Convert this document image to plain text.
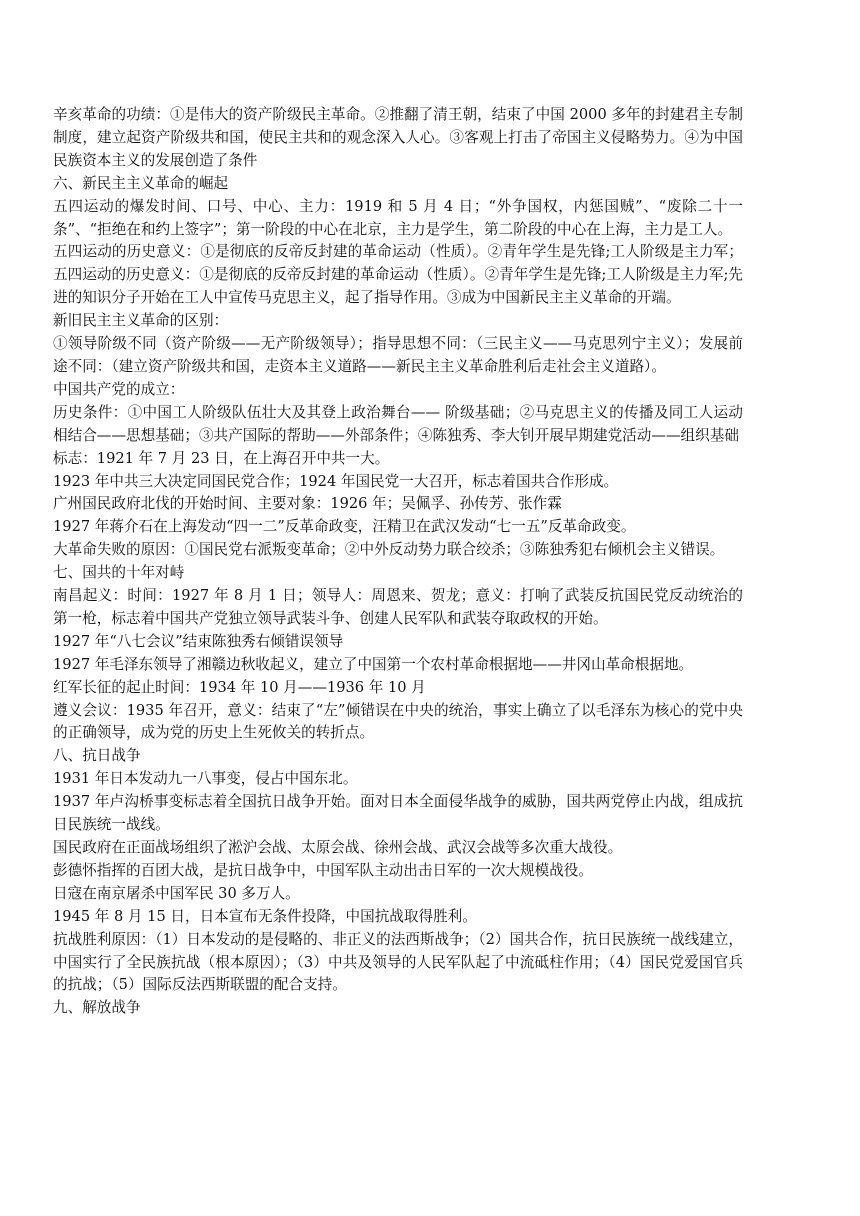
辛亥革命的功绩：①是伟大的资产阶级民主革命。②推翻了清王朝，结束了中国 2000 多年的封建君主专制制度，建立起资产阶级共和国，使民主共和的观念深入人心。③客观上打击了帝国主义侵略势力。④为中国民族资本主义的发展创造了条件

六、新民主主义革命的崛起

五四运动的爆发时间、口号、中心、主力：1919 和 5 月 4 日；“外争国权，内惩国贼”、“废除二十一条”、“拒绝在和约上签字”；第一阶段的中心在北京，主力是学生，第二阶段的中心在上海，主力是工人。

五四运动的历史意义：①是彻底的反帝反封建的革命运动（性质）。②青年学生是先锋;工人阶级是主力军；五四运动的历史意义：①是彻底的反帝反封建的革命运动（性质）。②青年学生是先锋;工人阶级是主力军;先进的知识分子开始在工人中宣传马克思主义，起了指导作用。③成为中国新民主主义革命的开端。

新旧民主主义革命的区别：

①领导阶级不同（资产阶级——无产阶级领导）；指导思想不同：（三民主义——马克思列宁主义）；发展前途不同：（建立资产阶级共和国，走资本主义道路——新民主主义革命胜利后走社会主义道路）。

中国共产党的成立：

历史条件：①中国工人阶级队伍壮大及其登上政治舞台—— 阶级基础；②马克思主义的传播及同工人运动相结合——思想基础；③共产国际的帮助——外部条件；④陈独秀、李大钊开展早期建党活动——组织基础

标志：1921 年 7 月 23 日，在上海召开中共一大。

1923 年中共三大决定同国民党合作；1924 年国民党一大召开，标志着国共合作形成。

广州国民政府北伐的开始时间、主要对象：1926 年；吴佩孚、孙传芳、张作霖

1927 年蒋介石在上海发动“四一二”反革命政变，汪精卫在武汉发动“七一五”反革命政变。

大革命失败的原因：①国民党右派叛变革命；②中外反动势力联合绞杀；③陈独秀犯右倾机会主义错误。

七、国共的十年对峙

南昌起义：时间：1927 年 8 月 1 日；领导人：周恩来、贺龙；意义：打响了武装反抗国民党反动统治的第一枪，标志着中国共产党独立领导武装斗争、创建人民军队和武装夺取政权的开始。

1927 年“八七会议”结束陈独秀右倾错误领导

1927 年毛泽东领导了湘赣边秋收起义，建立了中国第一个农村革命根据地——井冈山革命根据地。

红军长征的起止时间：1934 年 10 月——1936 年 10 月

遵义会议：1935 年召开，意义：结束了“左”倾错误在中央的统治，事实上确立了以毛泽东为核心的党中央的正确领导，成为党的历史上生死攸关的转折点。

八、抗日战争

1931 年日本发动九一八事变，侵占中国东北。

1937 年卢沟桥事变标志着全国抗日战争开始。面对日本全面侵华战争的威胁，国共两党停止内战，组成抗日民族统一战线。

国民政府在正面战场组织了淞沪会战、太原会战、徐州会战、武汉会战等多次重大战役。

彭德怀指挥的百团大战，是抗日战争中，中国军队主动出击日军的一次大规模战役。

日寇在南京屠杀中国军民 30 多万人。

1945 年 8 月 15 日，日本宣布无条件投降，中国抗战取得胜利。

抗战胜利原因：（1）日本发动的是侵略的、非正义的法西斯战争；（2）国共合作，抗日民族统一战线建立，中国实行了全民族抗战（根本原因）；（3）中共及领导的人民军队起了中流砥柱作用；（4）国民党爱国官兵的抗战；（5）国际反法西斯联盟的配合支持。

九、解放战争
